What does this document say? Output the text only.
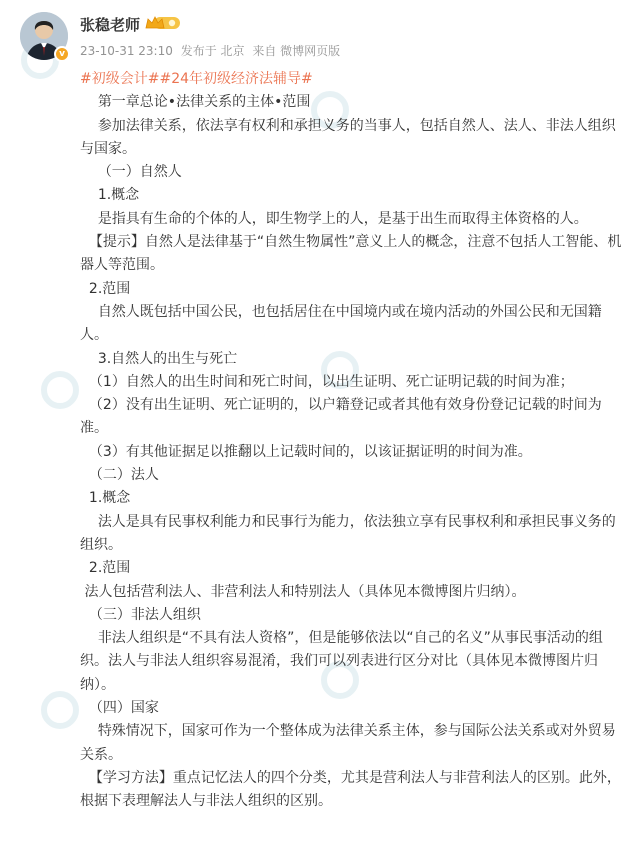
v
张稳老师
23-10-31 23:10 发布于 北京 来自 微博网页版

#初级会计##24年初级经济法辅导#

第一章总论•法律关系的主体•范围

参加法律关系，依法享有权利和承担义务的当事人，包括自然人、法人、非法人组织与国家。

（一）自然人

1.概念

是指具有生命的个体的人，即生物学上的人，是基于出生而取得主体资格的人。

【提示】自然人是法律基于“自然生物属性”意义上人的概念，注意不包括人工智能、机器人等范围。

2.范围

自然人既包括中国公民，也包括居住在中国境内或在境内活动的外国公民和无国籍人。

3.自然人的出生与死亡

（1）自然人的出生时间和死亡时间，以出生证明、死亡证明记载的时间为准；

（2）没有出生证明、死亡证明的，以户籍登记或者其他有效身份登记记载的时间为准。

（3）有其他证据足以推翻以上记载时间的，以该证据证明的时间为准。

（二）法人

1.概念

法人是具有民事权利能力和民事行为能力，依法独立享有民事权利和承担民事义务的组织。

2.范围

法人包括营利法人、非营利法人和特别法人（具体见本微博图片归纳）。

（三）非法人组织

非法人组织是“不具有法人资格”，但是能够依法以“自己的名义”从事民事活动的组织。法人与非法人组织容易混淆，我们可以列表进行区分对比（具体见本微博图片归纳）。

（四）国家

特殊情况下，国家可作为一个整体成为法律关系主体，参与国际公法关系或对外贸易关系。

【学习方法】重点记忆法人的四个分类，尤其是营利法人与非营利法人的区别。此外，根据下表理解法人与非法人组织的区别。
